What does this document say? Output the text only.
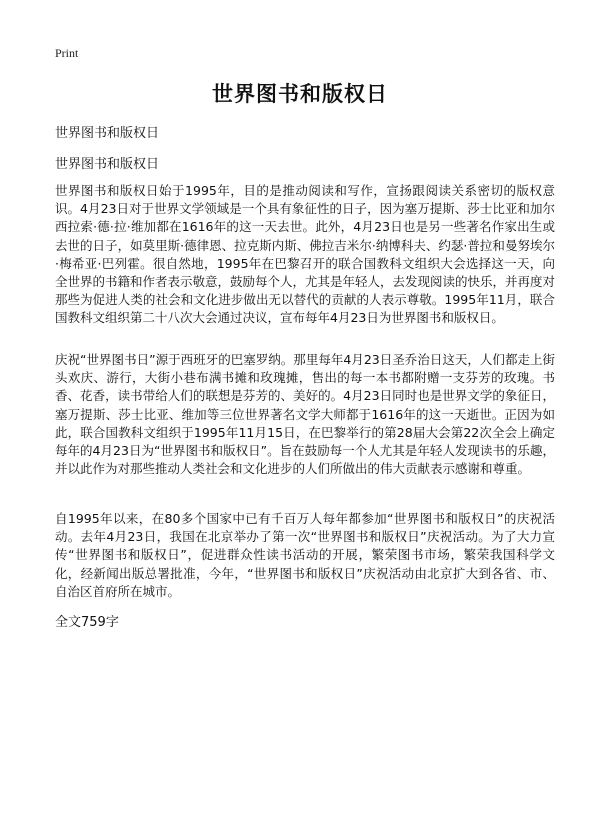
Print
世界图书和版权日

世界图书和版权日

世界图书和版权日

世界图书和版权日始于1995年，目的是推动阅读和写作，宣扬跟阅读关系密切的版权意识。4月23日对于世界文学领域是一个具有象征性的日子，因为塞万提斯、莎士比亚和加尔西拉索·德·拉·维加都在1616年的这一天去世。此外，4月23日也是另一些著名作家出生或去世的日子，如莫里斯·德律恩、拉克斯内斯、佛拉吉米尔·纳博科夫、约瑟·普拉和曼努埃尔·梅希亚·巴列霍。很自然地，1995年在巴黎召开的联合国教科文组织大会选择这一天，向全世界的书籍和作者表示敬意，鼓励每个人，尤其是年轻人，去发现阅读的快乐，并再度对那些为促进人类的社会和文化进步做出无以替代的贡献的人表示尊敬。1995年11月，联合国教科文组织第二十八次大会通过决议，宣布每年4月23日为世界图书和版权日。

庆祝“世界图书日”源于西班牙的巴塞罗纳。那里每年4月23日圣乔治日这天，人们都走上街头欢庆、游行，大街小巷布满书摊和玫瑰摊，售出的每一本书都附赠一支芬芳的玫瑰。书香、花香，读书带给人们的联想是芬芳的、美好的。4月23日同时也是世界文学的象征日，塞万提斯、莎士比亚、维加等三位世界著名文学大师都于1616年的这一天逝世。正因为如此，联合国教科文组织于1995年11月15日，在巴黎举行的第28届大会第22次全会上确定每年的4月23日为“世界图书和版权日”。旨在鼓励每一个人尤其是年轻人发现读书的乐趣，并以此作为对那些推动人类社会和文化进步的人们所做出的伟大贡献表示感谢和尊重。

自1995年以来，在80多个国家中已有千百万人每年都参加“世界图书和版权日”的庆祝活动。去年4月23日，我国在北京举办了第一次“世界图书和版权日”庆祝活动。为了大力宣传“世界图书和版权日”，促进群众性读书活动的开展，繁荣图书市场，繁荣我国科学文化，经新闻出版总署批准，今年，“世界图书和版权日”庆祝活动由北京扩大到各省、市、自治区首府所在城市。

全文759字
